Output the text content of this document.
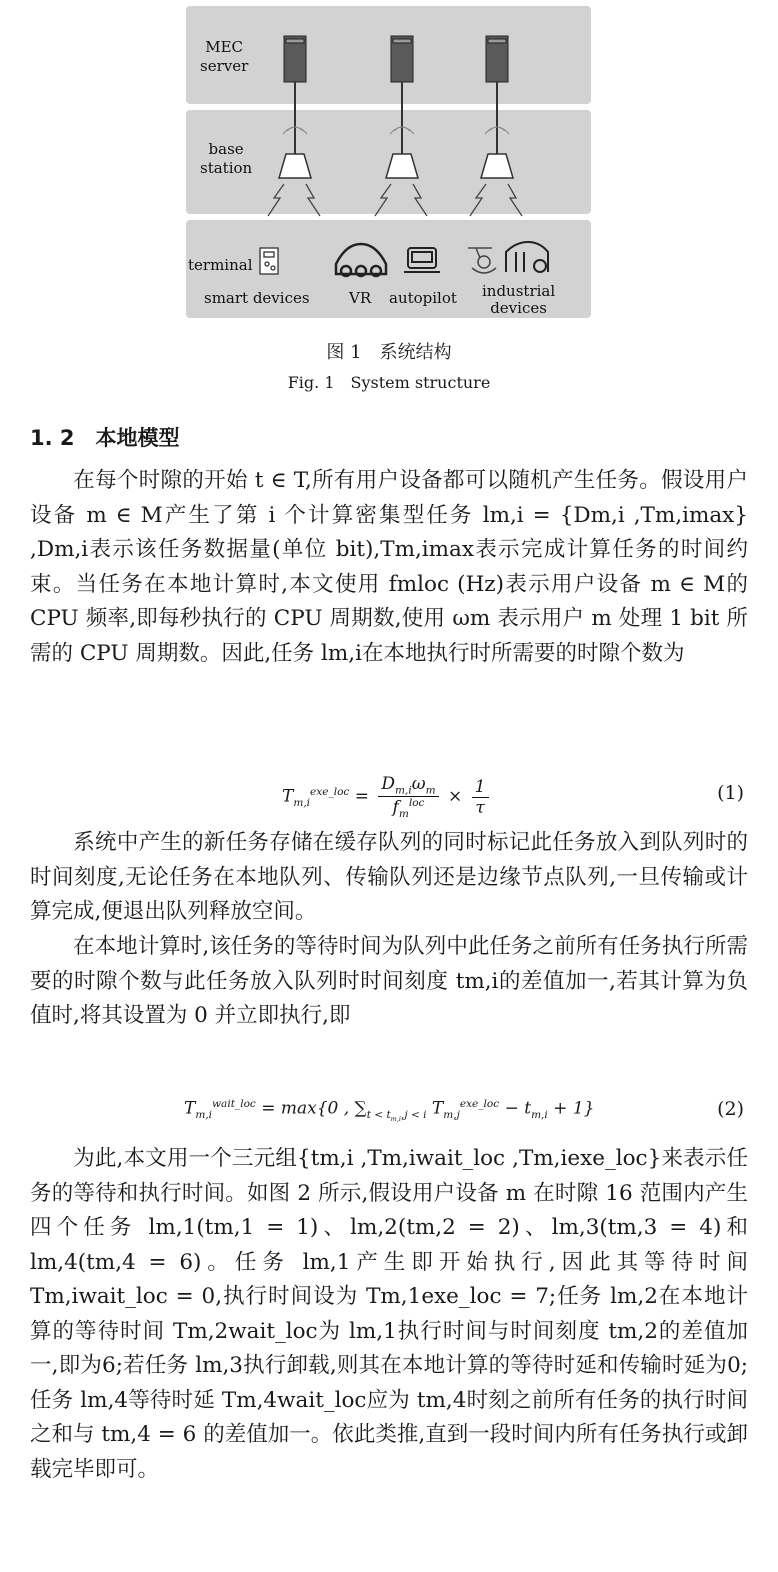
MEC
server
base
station
terminal
smart devices	VR autopilot industrial
devices
图 1　系统结构
Fig. 1　System structure
1. 2　本地模型

在每个时隙的开始 t ∈ T,所有用户设备都可以随机产生任务。假设用户设备 m ∈ M产生了第 i 个计算密集型任务 lm,i = {Dm,i ,Tm,imax} ,Dm,i表示该任务数据量(单位 bit),Tm,imax表示完成计算任务的时间约束。当任务在本地计算时,本文使用 fmloc (Hz)表示用户设备 m ∈ M的 CPU 频率,即每秒执行的 CPU 周期数,使用 ωm 表示用户 m 处理 1 bit 所需的 CPU 周期数。因此,任务 lm,i在本地执行时所需要的时隙个数为

$T_{m,i}^{exe\_loc} = \frac{D_{m,i}\omega_m}{f_m^{loc}} \times \frac{1}{\tau}$	(1)

系统中产生的新任务存储在缓存队列的同时标记此任务放入到队列时的时间刻度,无论任务在本地队列、传输队列还是边缘节点队列,一旦传输或计算完成,便退出队列释放空间。

在本地计算时,该任务的等待时间为队列中此任务之前所有任务执行所需要的时隙个数与此任务放入队列时时间刻度 tm,i的差值加一,若其计算为负值时,将其设置为 0 并立即执行,即

$T_{m,i}^{wait\_loc} = \max\{0$ , $\sum_{t < t_{m,i},j < i}$ $T_{m,j}^{exe\_loc} - t_{m,i} + 1$}	(2)

为此,本文用一个三元组{tm,i ,Tm,iwait_loc ,Tm,iexe_loc}来表示任务的等待和执行时间。如图 2 所示,假设用户设备 m 在时隙 16 范围内产生四个任务 lm,1(tm,1 = 1)、lm,2(tm,2 = 2)、lm,3(tm,3 = 4)和 lm,4(tm,4 = 6)。任务 lm,1产生即开始执行,因此其等待时间 Tm,iwait_loc = 0,执行时间设为 Tm,1exe_loc = 7;任务 lm,2在本地计算的等待时间 Tm,2wait_loc为 lm,1执行时间与时间刻度 tm,2的差值加一,即为6;若任务 lm,3执行卸载,则其在本地计算的等待时延和传输时延为0;任务 lm,4等待时延 Tm,4wait_loc应为 tm,4时刻之前所有任务的执行时间之和与 tm,4 = 6 的差值加一。依此类推,直到一段时间内所有任务执行或卸载完毕即可。
